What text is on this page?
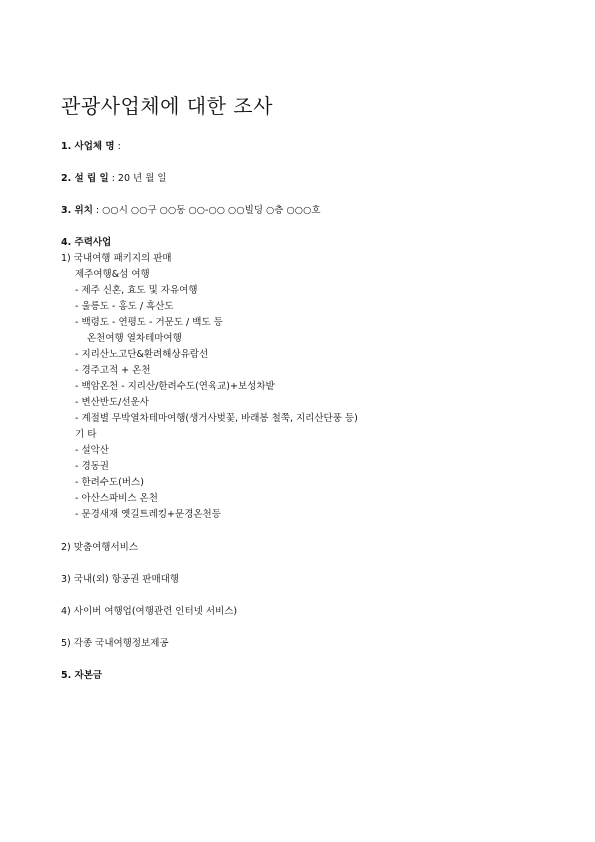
관광사업체에 대한 조사
1. 사업체 명 :
2. 설 립 일 : 20 년 월 일
3. 위치 : ○○시 ○○구 ○○동 ○○-○○ ○○빌딩 ○층 ○○○호
4. 주력사업
1) 국내여행 패키지의 판매
제주여행&섬 여행
- 제주 신혼, 효도 및 자유여행
- 울릉도 - 홍도 / 흑산도
- 백령도 - 연평도 - 거문도 / 백도 등
온천여행 열차테마여행
- 지리산노고단&환려해상유람선
- 경주고적 + 온천
- 백암온천 - 지리산/한려수도(연육교)+보성차밭
- 변산반도/선운사
- 계절별 무박열차테마여행(생거사벚꽃, 바래봉 철쭉, 지리산단풍 등)
기 타
- 설악산
- 경동권
- 한려수도(버스)
- 아산스파비스 온천
- 문경새재 옛길트레킹+문경온천등
2) 맞춤여행서비스
3) 국내(외) 항공권 판매대행
4) 사이버 여행업(여행관련 인터넷 서비스)
5) 각종 국내여행정보제공
5. 자본금
